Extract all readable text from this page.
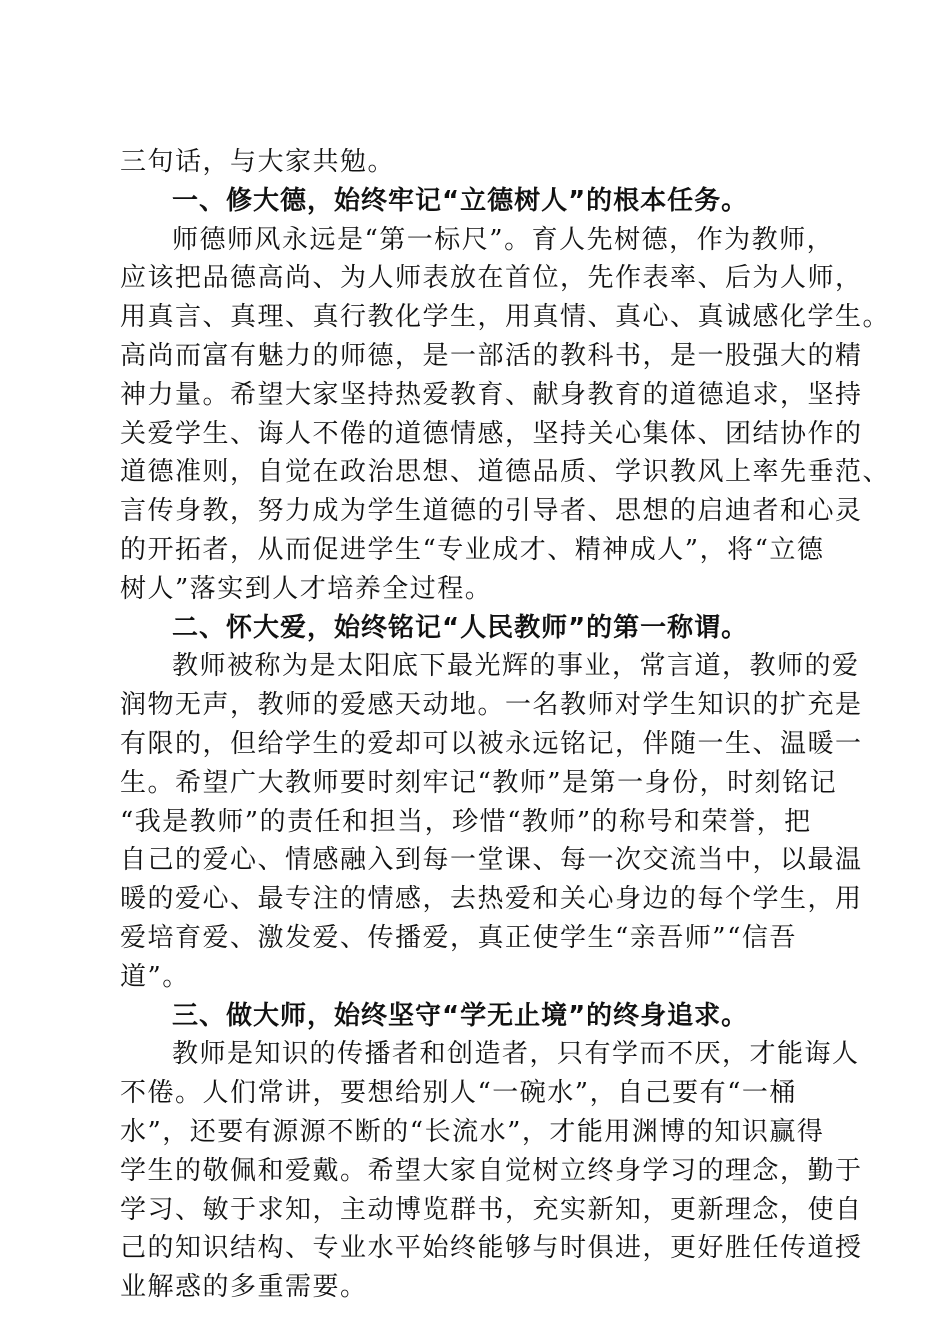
三句话，与大家共勉。
一、修大德，始终牢记“立德树人”的根本任务。
师德师风永远是“第一标尺”。育人先树德，作为教师，
应该把品德高尚、为人师表放在首位，先作表率、后为人师，
用真言、真理、真行教化学生，用真情、真心、真诚感化学生。
高尚而富有魅力的师德，是一部活的教科书，是一股强大的精
神力量。希望大家坚持热爱教育、献身教育的道德追求，坚持
关爱学生、诲人不倦的道德情感，坚持关心集体、团结协作的
道德准则，自觉在政治思想、道德品质、学识教风上率先垂范、
言传身教，努力成为学生道德的引导者、思想的启迪者和心灵
的开拓者，从而促进学生“专业成才、精神成人”，将“立德
树人”落实到人才培养全过程。
二、怀大爱，始终铭记“人民教师”的第一称谓。
教师被称为是太阳底下最光辉的事业，常言道，教师的爱
润物无声，教师的爱感天动地。一名教师对学生知识的扩充是
有限的，但给学生的爱却可以被永远铭记，伴随一生、温暖一
生。希望广大教师要时刻牢记“教师”是第一身份，时刻铭记
“我是教师”的责任和担当，珍惜“教师”的称号和荣誉，把
自己的爱心、情感融入到每一堂课、每一次交流当中，以最温
暖的爱心、最专注的情感，去热爱和关心身边的每个学生，用
爱培育爱、激发爱、传播爱，真正使学生“亲吾师”“信吾
道”。
三、做大师，始终坚守“学无止境”的终身追求。
教师是知识的传播者和创造者，只有学而不厌，才能诲人
不倦。人们常讲，要想给别人“一碗水”，自己要有“一桶
水”，还要有源源不断的“长流水”，才能用渊博的知识赢得
学生的敬佩和爱戴。希望大家自觉树立终身学习的理念，勤于
学习、敏于求知，主动博览群书，充实新知，更新理念，使自
己的知识结构、专业水平始终能够与时俱进，更好胜任传道授
业解惑的多重需要。
